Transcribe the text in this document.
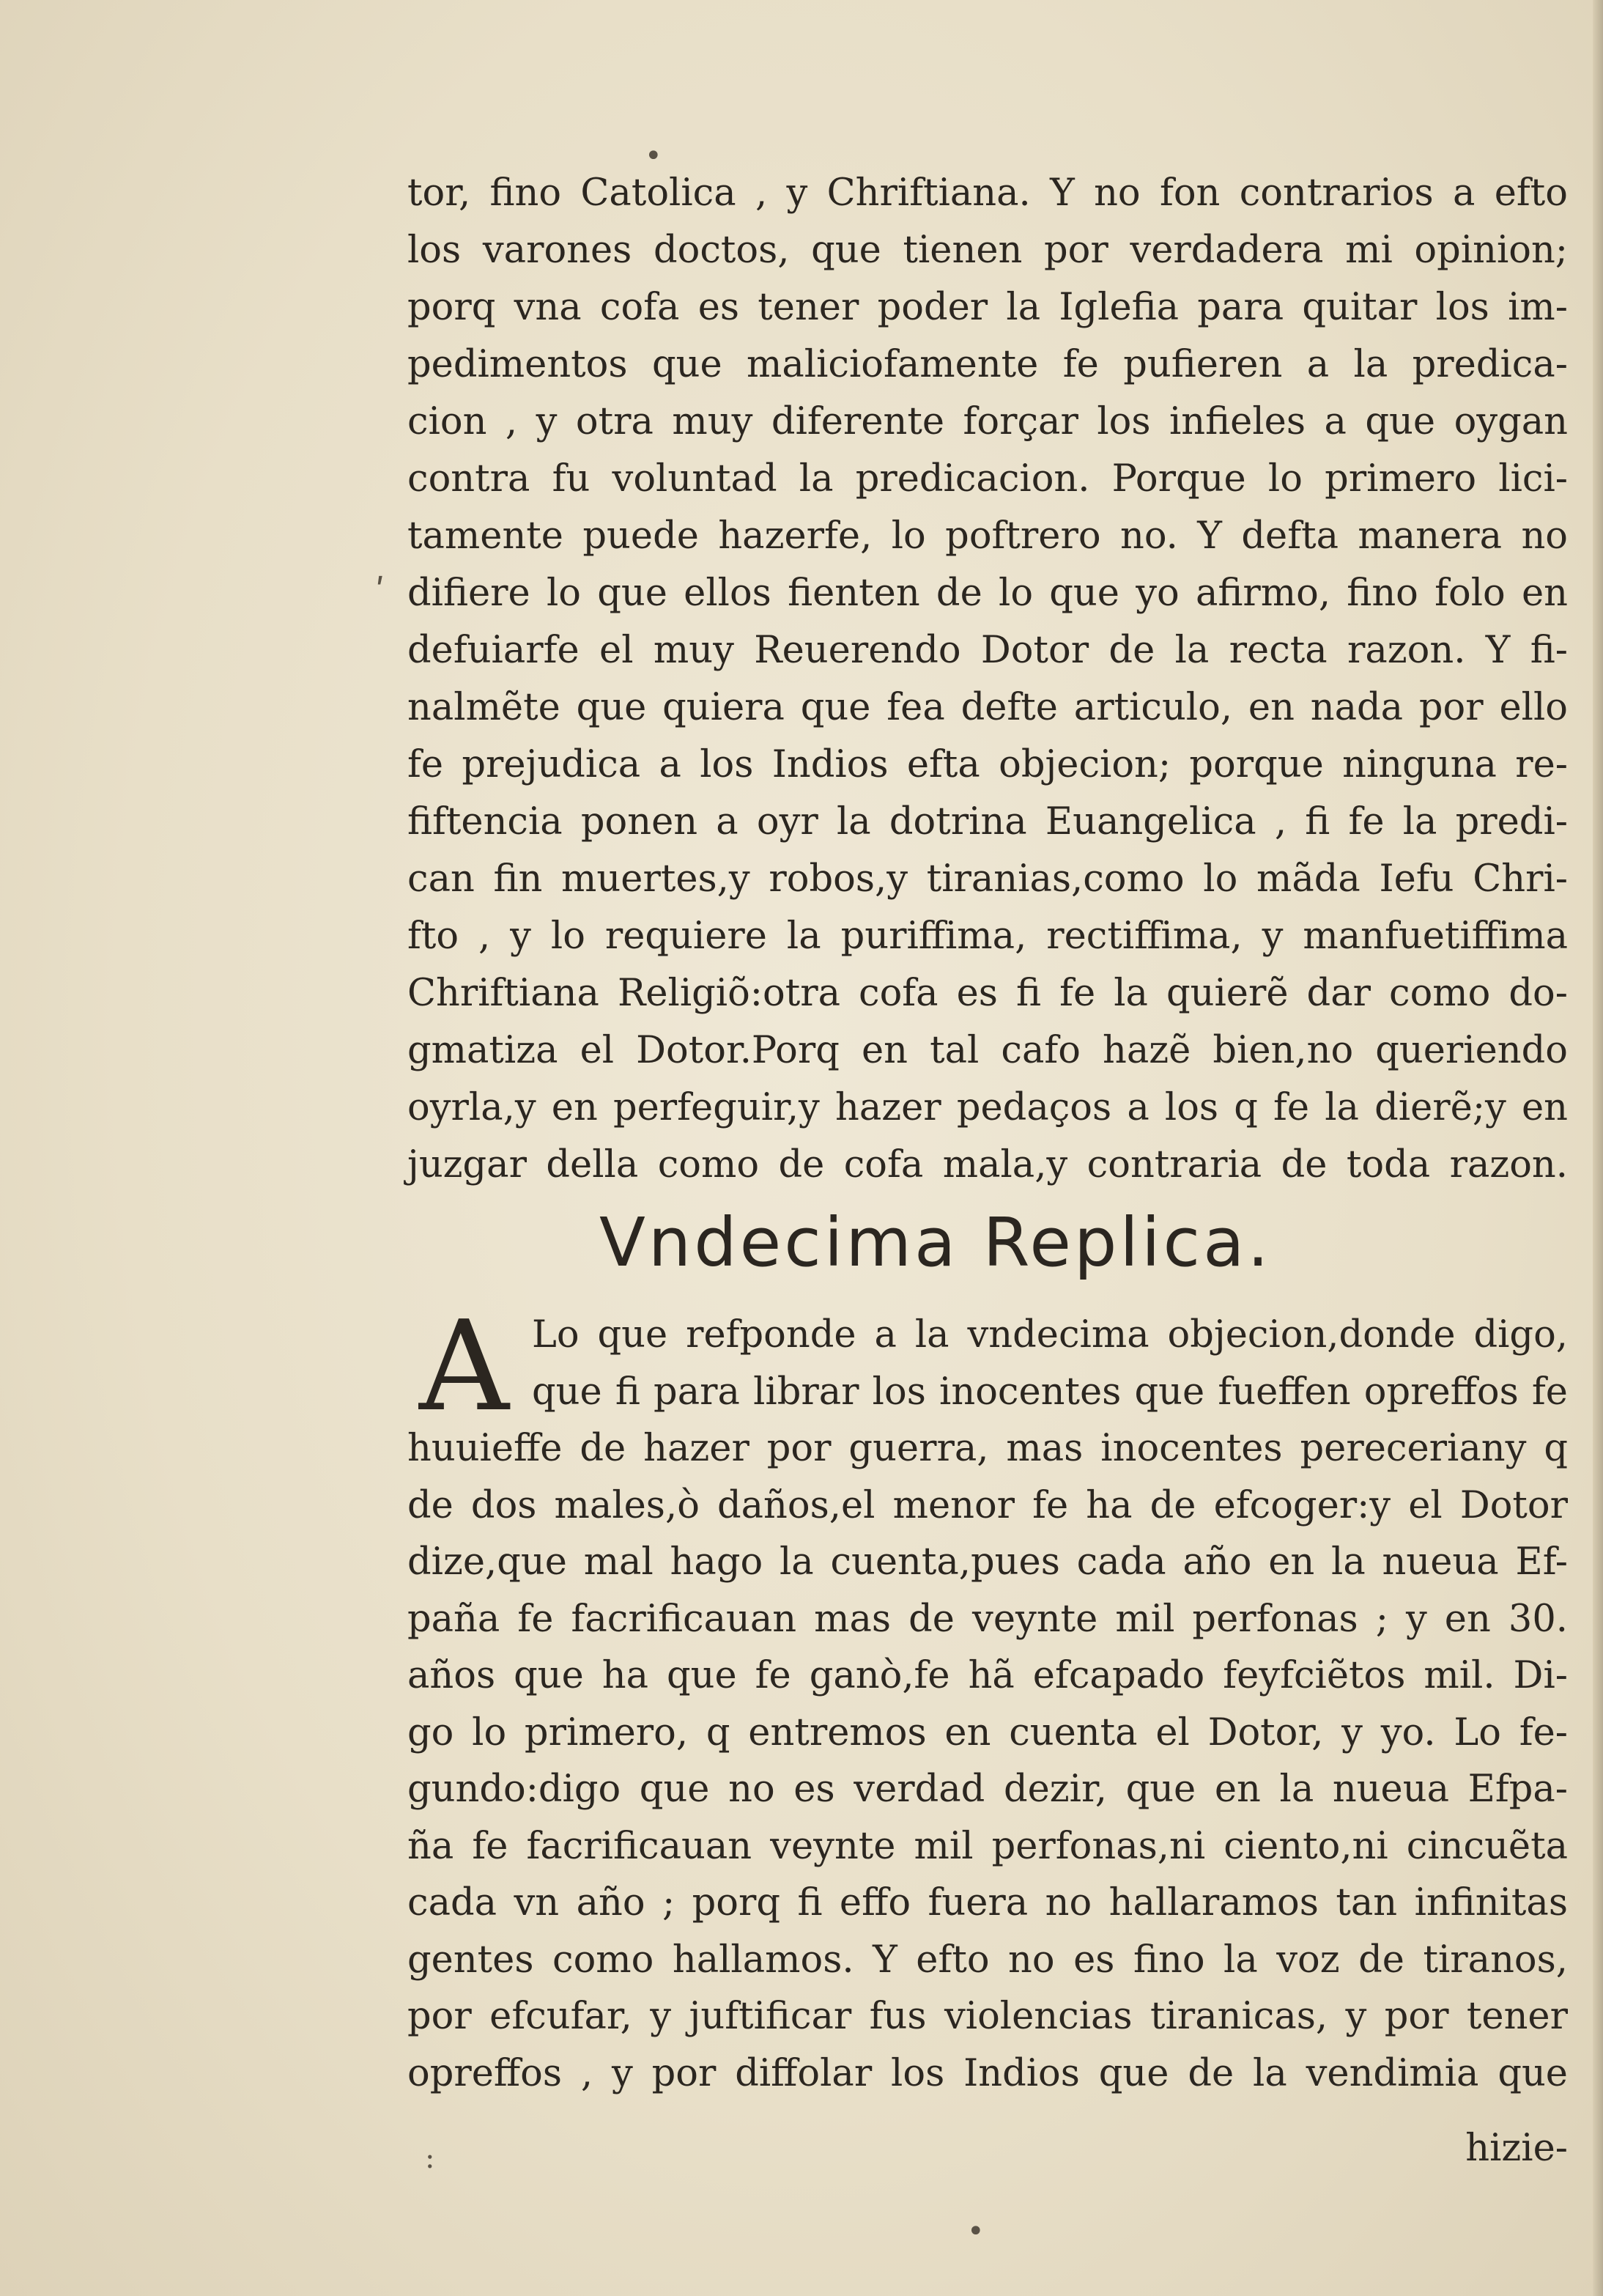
•
ʹ
tor, fino Catolica , y Chriftiana. Y no fon contrarios a efto
los varones doctos, que tienen por verdadera mi opinion;
porq vna cofa es tener poder la Iglefia para quitar los im-
pedimentos que maliciofamente fe pufieren a la predica-
cion , y otra muy diferente forçar los infieles a que oygan
contra fu voluntad la predicacion. Porque lo primero lici-
tamente puede hazerfe, lo poftrero no. Y defta manera no
difiere lo que ellos fienten de lo que yo afirmo, fino folo en
defuiarfe el muy Reuerendo Dotor de la recta razon. Y fi-
nalmẽte que quiera que fea defte articulo, en nada por ello
fe prejudica a los Indios efta objecion; porque ninguna re-
fiftencia ponen a oyr la dotrina Euangelica , fi fe la predi-
can fin muertes,y robos,y tiranias,como lo mãda Iefu Chri-
fto , y lo requiere la puriffima, rectiffima, y manfuetiffima
Chriftiana Religiõ:otra cofa es fi fe la quierẽ dar como do-
gmatiza el Dotor.Porq en tal cafo hazẽ bien,no queriendo
oyrla,y en perfeguir,y hazer pedaços a los q fe la dierẽ;y en
juzgar della como de cofa mala,y contraria de toda razon.
Vndecima Replica.
A Lo que refponde a la vndecima objecion,donde digo,
que fi para librar los inocentes que fueffen opreffos fe
huuieffe de hazer por guerra, mas inocentes pereceriany q
de dos males,ò daños,el menor fe ha de efcoger:y el Dotor
dize,que mal hago la cuenta,pues cada año en la nueua Ef-
paña fe facrificauan mas de veynte mil perfonas ; y en 30.
años que ha que fe ganò,fe hã efcapado feyfciẽtos mil. Di-
go lo primero, q entremos en cuenta el Dotor, y yo. Lo fe-
gundo:digo que no es verdad dezir, que en la nueua Efpa-
ña fe facrificauan veynte mil perfonas,ni ciento,ni cincuẽta
cada vn año ; porq fi effo fuera no hallaramos tan infinitas
gentes como hallamos. Y efto no es fino la voz de tiranos,
por efcufar, y juftificar fus violencias tiranicas, y por tener
opreffos , y por diffolar los Indios que de la vendimia que
hizie-
:
•
